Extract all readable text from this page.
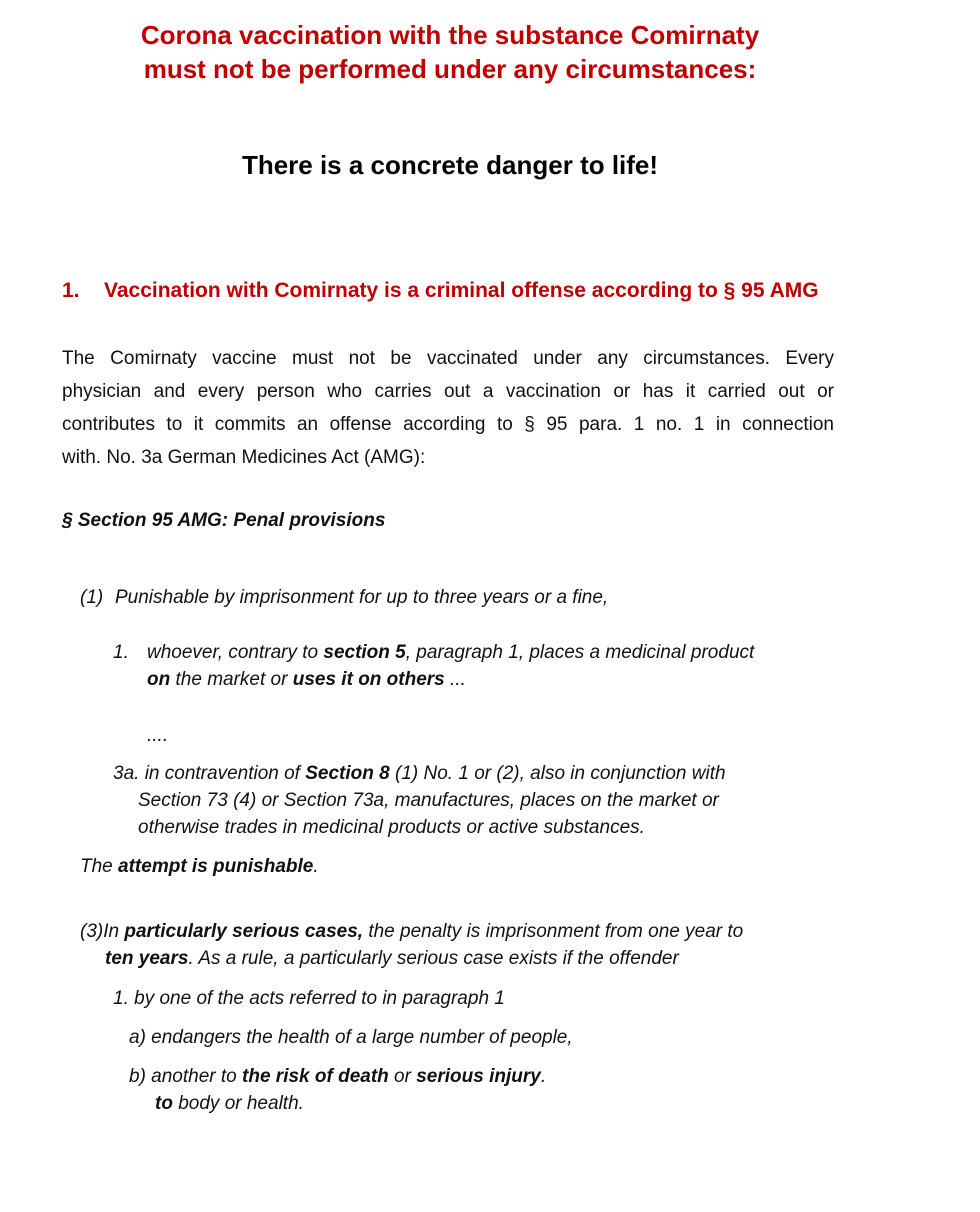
Corona vaccination with the substance Comirnaty
must not be performed under any circumstances:
There is a concrete danger to life!
1. Vaccination with Comirnaty is a criminal offense according to § 95 AMG
The Comirnaty vaccine must not be vaccinated under any circumstances. Every
physician and every person who carries out a vaccination or has it carried out or
contributes to it commits an offense according to § 95 para. 1 no. 1 in connection
with. No. 3a German Medicines Act (AMG):
§ Section 95 AMG: Penal provisions
(1) Punishable by imprisonment for up to three years or a fine,
1. whoever, contrary to section 5, paragraph 1, places a medicinal product
on the market or uses it on others ...
....
3a. in contravention of Section 8 (1) No. 1 or (2), also in conjunction with
Section 73 (4) or Section 73a, manufactures, places on the market or
otherwise trades in medicinal products or active substances.
The attempt is punishable.
(3)In particularly serious cases, the penalty is imprisonment from one year to
ten years. As a rule, a particularly serious case exists if the offender
1. by one of the acts referred to in paragraph 1
a) endangers the health of a large number of people,
b) another to the risk of death or serious injury.
to body or health.
